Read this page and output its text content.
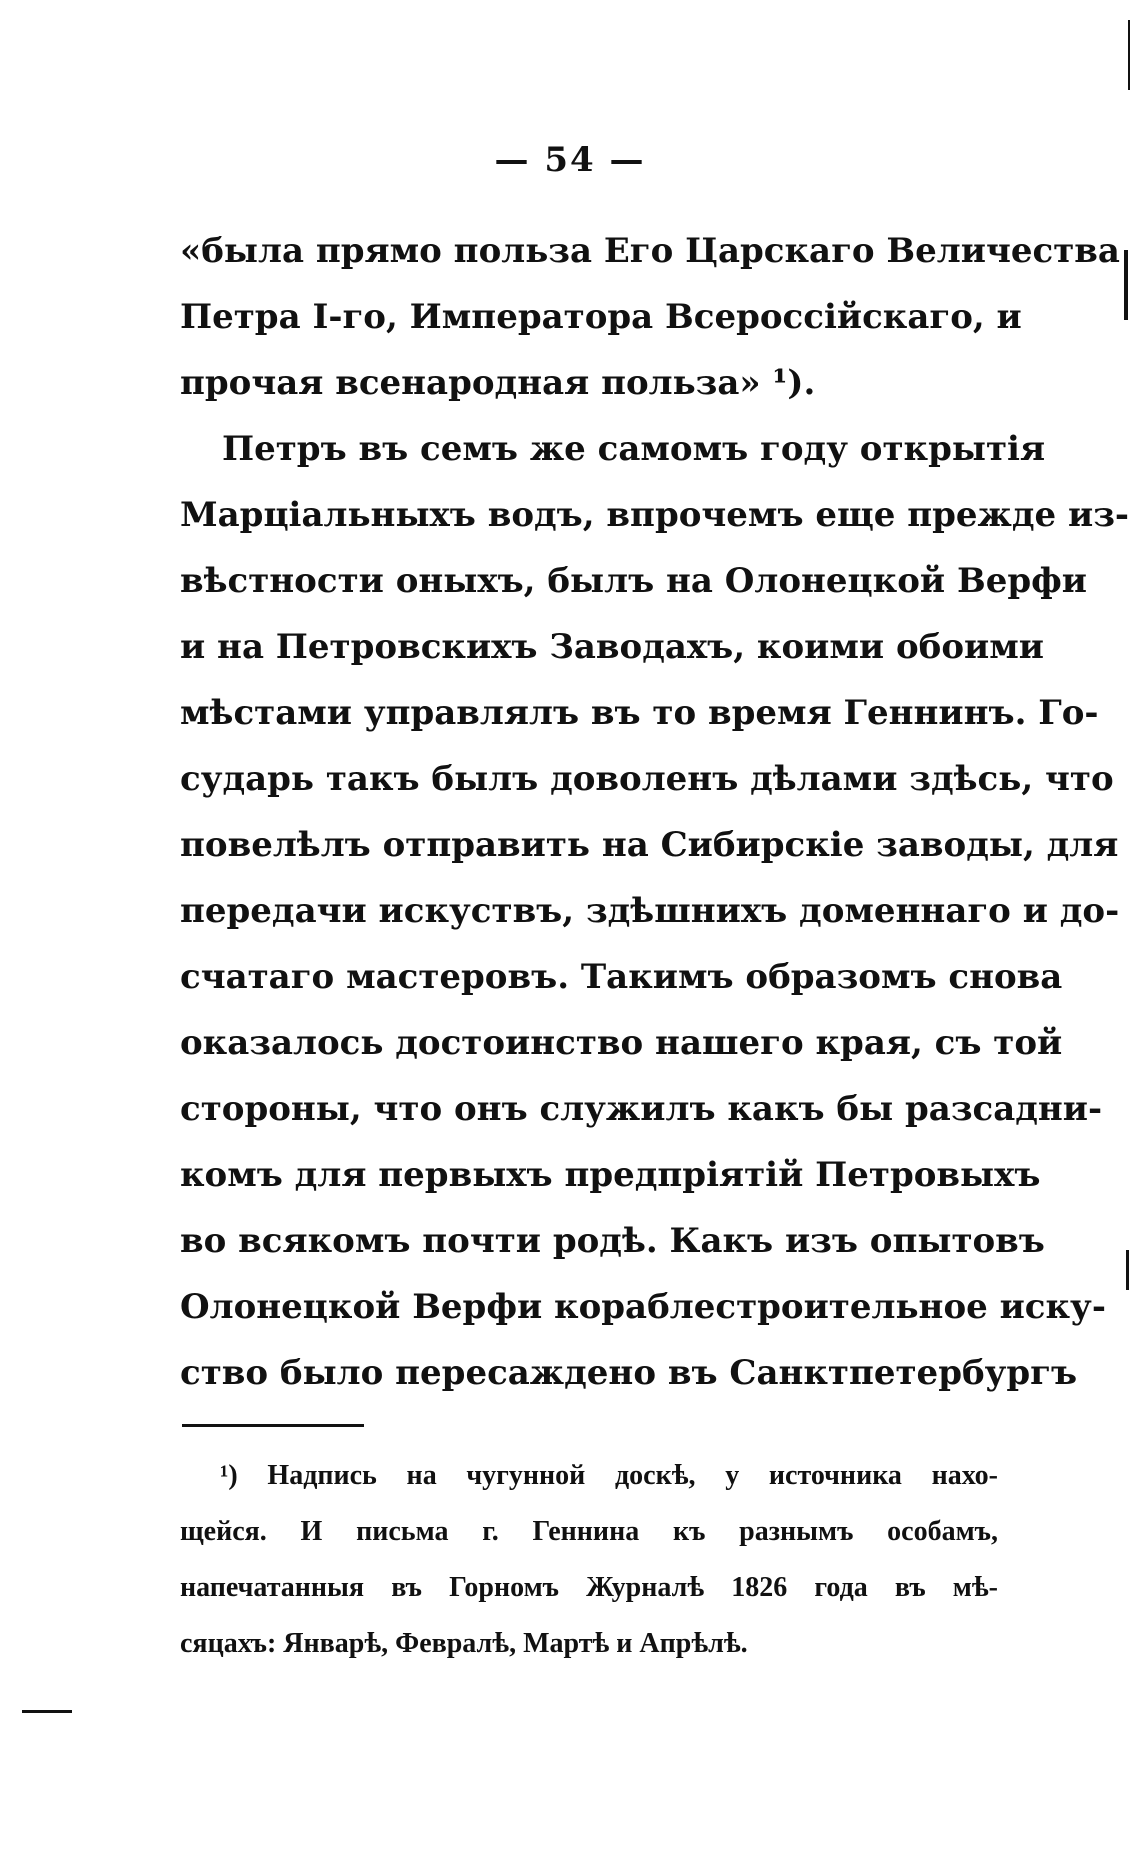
— 54 —
«была прямо польза Его Царскаго Величества
Петра I-го, Императора Всероссійскаго, и
прочая всенародная польза» ¹).
Петръ въ семъ же самомъ году открытія
Марціальныхъ водъ, впрочемъ еще прежде из-
вѣстности оныхъ, былъ на Олонецкой Верфи
и на Петровскихъ Заводахъ, коими обоими
мѣстами управлялъ въ то время Геннинъ. Го-
сударь такъ былъ доволенъ дѣлами здѣсь, что
повелѣлъ отправить на Сибирскіе заводы, для
передачи искуствъ, здѣшнихъ доменнаго и до-
счатаго мастеровъ. Такимъ образомъ снова
оказалось достоинство нашего края, съ той
стороны, что онъ служилъ какъ бы разсадни-
комъ для первыхъ предпріятій Петровыхъ
во всякомъ почти родѣ. Какъ изъ опытовъ
Олонецкой Верфи кораблестроительное иску-
ство было пересаждено въ Санктпетербургъ
¹) Надпись на чугунной доскѣ, у источника нахо-
щейся. И письма г. Геннина къ разнымъ особамъ,
напечатанныя въ Горномъ Журналѣ 1826 года въ мѣ-
сяцахъ: Январѣ, Февралѣ, Мартѣ и Апрѣлѣ.
